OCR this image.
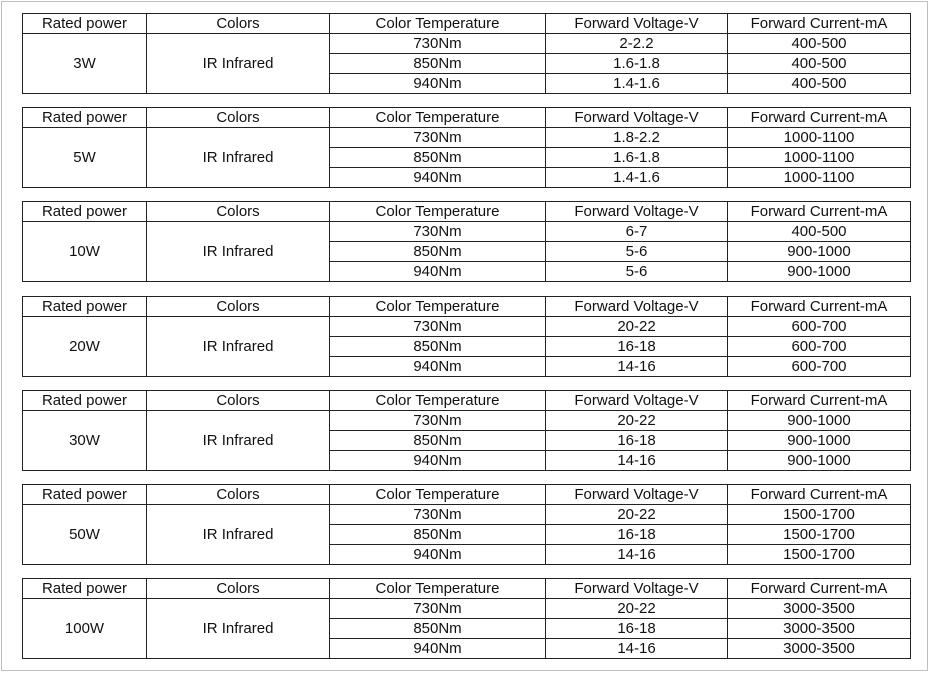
Rated power	Colors	Color Temperature	Forward Voltage-V	Forward Current-mA
3W	IR Infrared	730Nm	2-2.2	400-500
		850Nm	1.6-1.8	400-500
		940Nm	1.4-1.6	400-500
Rated power	Colors	Color Temperature	Forward Voltage-V	Forward Current-mA
5W	IR Infrared	730Nm	1.8-2.2	1000-1100
		850Nm	1.6-1.8	1000-1100
		940Nm	1.4-1.6	1000-1100
Rated power	Colors	Color Temperature	Forward Voltage-V	Forward Current-mA
10W	IR Infrared	730Nm	6-7	400-500
		850Nm	5-6	900-1000
		940Nm	5-6	900-1000
Rated power	Colors	Color Temperature	Forward Voltage-V	Forward Current-mA
20W	IR Infrared	730Nm	20-22	600-700
		850Nm	16-18	600-700
		940Nm	14-16	600-700
Rated power	Colors	Color Temperature	Forward Voltage-V	Forward Current-mA
30W	IR Infrared	730Nm	20-22	900-1000
		850Nm	16-18	900-1000
		940Nm	14-16	900-1000
Rated power	Colors	Color Temperature	Forward Voltage-V	Forward Current-mA
50W	IR Infrared	730Nm	20-22	1500-1700
		850Nm	16-18	1500-1700
		940Nm	14-16	1500-1700
Rated power	Colors	Color Temperature	Forward Voltage-V	Forward Current-mA
100W	IR Infrared	730Nm	20-22	3000-3500
		850Nm	16-18	3000-3500
		940Nm	14-16	3000-3500
